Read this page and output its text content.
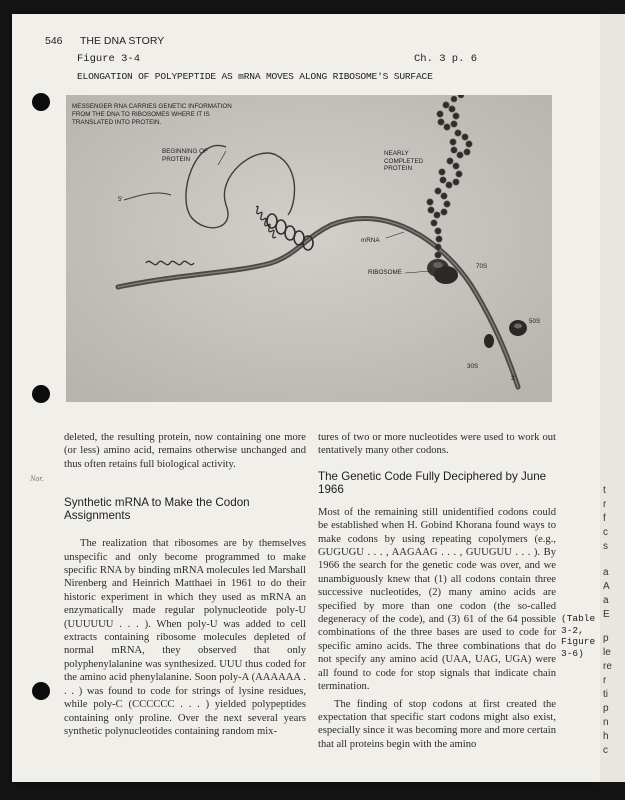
t
r
f
c
s
a
A
a
E
p
le
re
r
ti
p
n
h
c
546 THE DNA STORY
Figure 3-4	Ch. 3 p. 6
ELONGATION OF POLYPEPTIDE AS mRNA MOVES ALONG RIBOSOME'S SURFACE
MESSENGER RNA CARRIES GENETIC INFORMATION FROM THE DNA TO RIBOSOMES WHERE IT IS TRANSLATED INTO PROTEIN.
BEGINNING OF
PROTEIN
NEARLY
COMPLETED
PROTEIN
5'
mRNA
RIBOSOME
70S
50S
30S
3'
Nor.

deleted, the resulting protein, now containing one more (or less) amino acid, remains otherwise unchanged and thus often retains full biological activity.

Synthetic mRNA to Make the Codon Assignments

The realization that ribosomes are by themselves unspecific and only become programmed to make specific RNA by binding mRNA molecules led Marshall Nirenberg and Heinrich Matthaei in 1961 to do their historic experiment in which they used as mRNA an enzymatically made regular polynucleotide poly-U (UUUUUU . . . ). When poly-U was added to cell extracts containing ribosome molecules depleted of normal mRNA, they observed that only polyphenylalanine was synthesized. UUU thus coded for the amino acid phenylalanine. Soon poly-A (AAAAAA . . . ) was found to code for strings of lysine residues, while poly-C (CCCCCC . . . ) yielded polypeptides containing only proline. Over the next several years synthetic polynucleotides containing random mix-

tures of two or more nucleotides were used to work out tentatively many other codons.

The Genetic Code Fully Deciphered by June 1966

Most of the remaining still unidentified codons could be established when H. Gobind Khorana found ways to make codons by using repeating copolymers (e.g., GUGUGU . . . , AAGAAG . . . , GUUGUU . . . ). By 1966 the search for the genetic code was over, and we unambiguously knew that (1) all codons contain three successive nucleotides, (2) many amino acids are specified by more than one codon (the so-called degeneracy of the code), and (3) 61 of the 64 possible combinations of the three bases are used to code for specific amino acids. The three combinations that do not specify any amino acid (UAA, UAG, UGA) were all found to code for stop signals that indicate chain termination.

The finding of stop codons at first created the expectation that specific start codons might also exist, especially since it was becoming more and more certain that all proteins begin with the amino

(Table
3-2,
Figure
3-6)
